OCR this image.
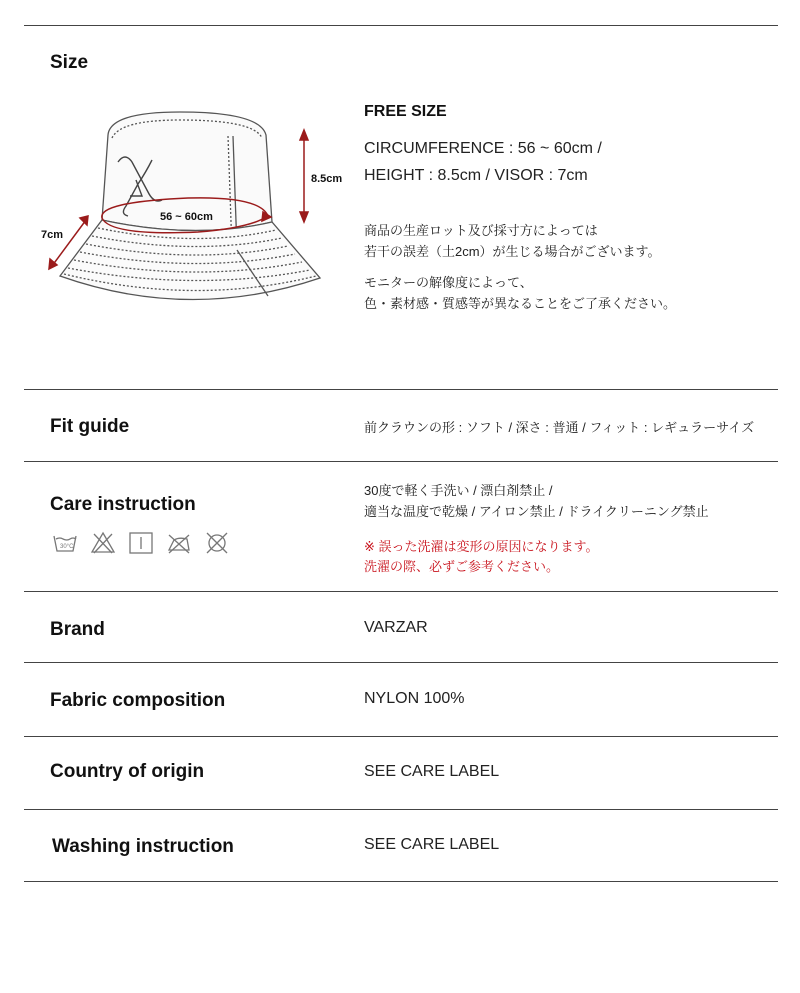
Size
8.5cm
56 ~ 60cm
7cm
FREE SIZE
CIRCUMFERENCE : 56 ~ 60cm /
HEIGHT : 8.5cm / VISOR : 7cm
商品の生産ロット及び採寸方によっては
若干の誤差（土2cm）が生じる場合がございます。
モニターの解像度によって、
色・素材感・質感等が異なることをご了承ください。
Fit guide	前クラウンの形 : ソフト / 深さ : 普通 / フィット : レギュラーサイズ
Care instruction
30°C
30度で軽く手洗い / 漂白剤禁止 /
適当な温度で乾燥 / アイロン禁止 / ドライクリーニング禁止
※ 誤った洗濯は変形の原因になります。
洗濯の際、必ずご参考ください。
Brand	VARZAR
Fabric composition	NYLON 100%
Country of origin	SEE CARE LABEL
Washing instruction	SEE CARE LABEL
